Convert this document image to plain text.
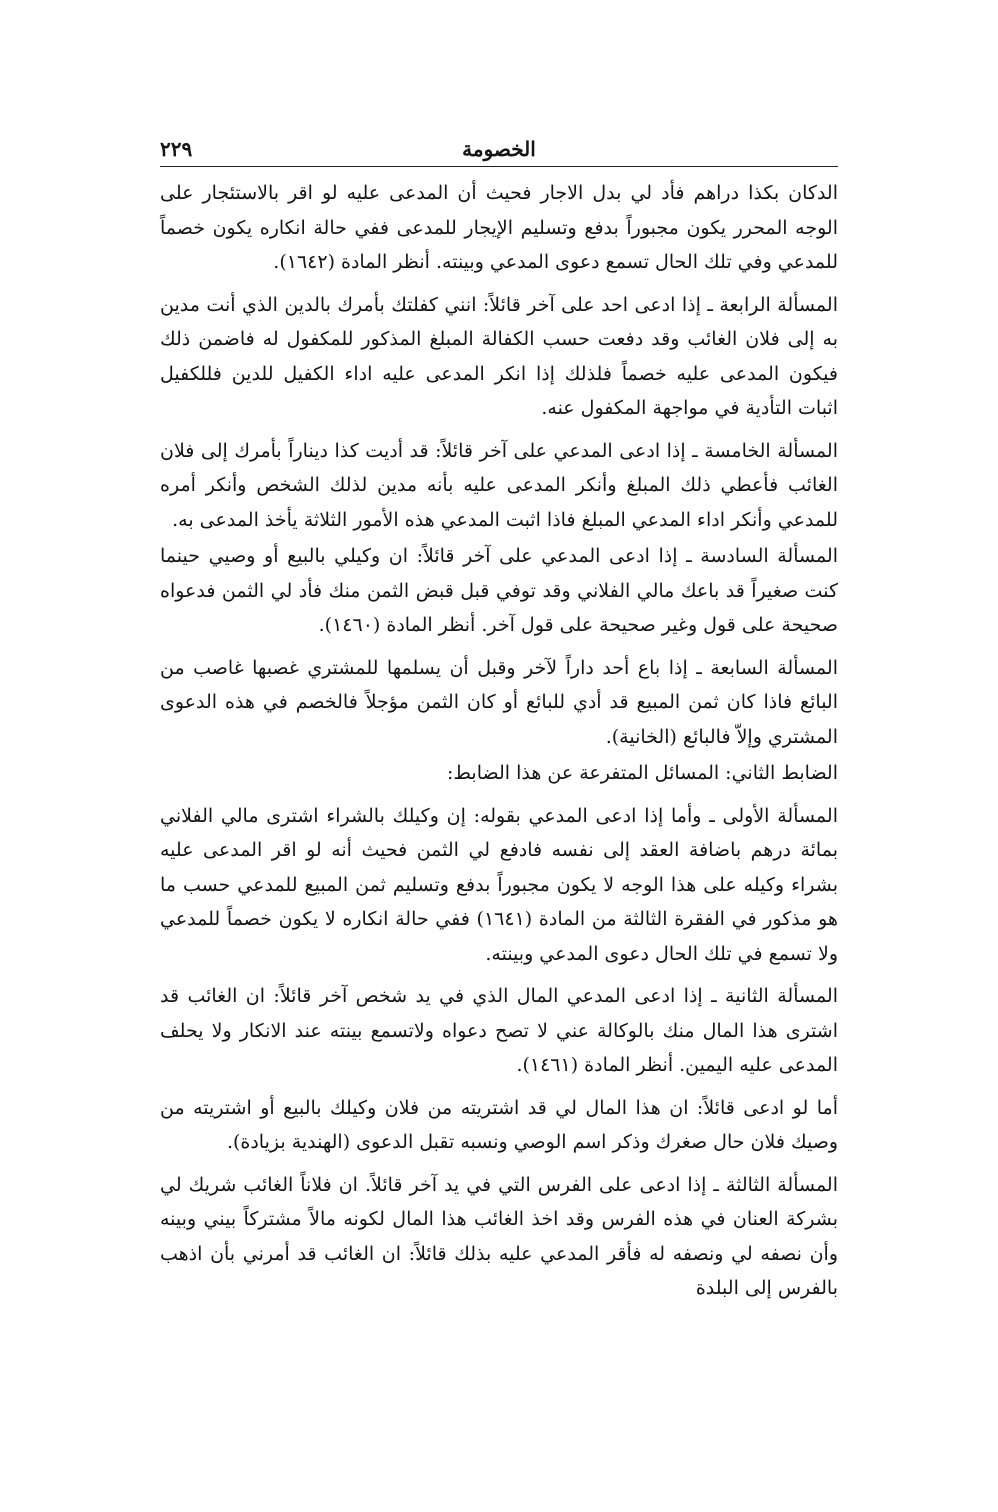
الخصومة
٢٢٩

الدكان بكذا دراهم فأد لي بدل الاجار فحيث أن المدعى عليه لو اقر بالاستئجار على الوجه المحرر يكون مجبوراً بدفع وتسليم الإيجار للمدعى ففي حالة انكاره يكون خصماً للمدعي وفي تلك الحال تسمع دعوى المدعي وبينته. أنظر المادة (١٦٤٢).

المسألة الرابعة ـ إذا ادعى احد على آخر قائلاً: انني كفلتك بأمرك بالدين الذي أنت مدين به إلى فلان الغائب وقد دفعت حسب الكفالة المبلغ المذكور للمكفول له فاضمن ذلك فيكون المدعى عليه خصماً فلذلك إذا انكر المدعى عليه اداء الكفيل للدين فللكفيل اثبات التأدية في مواجهة المكفول عنه.

المسألة الخامسة ـ إذا ادعى المدعي على آخر قائلاً: قد أديت كذا ديناراً بأمرك إلى فلان الغائب فأعطي ذلك المبلغ وأنكر المدعى عليه بأنه مدين لذلك الشخص وأنكر أمره للمدعي وأنكر اداء المدعي المبلغ فاذا اثبت المدعي هذه الأمور الثلاثة يأخذ المدعى به.

المسألة السادسة ـ إذا ادعى المدعي على آخر قائلاً: ان وكيلي بالبيع أو وصيي حينما كنت صغيراً قد باعك مالي الفلاني وقد توفي قبل قبض الثمن منك فأد لي الثمن فدعواه صحيحة على قول وغير صحيحة على قول آخر. أنظر المادة (١٤٦٠).

المسألة السابعة ـ إذا باع أحد داراً لآخر وقبل أن يسلمها للمشتري غصبها غاصب من البائع فاذا كان ثمن المبيع قد أدي للبائع أو كان الثمن مؤجلاً فالخصم في هذه الدعوى المشتري وإلاّ فالبائع (الخانية).

الضابط الثاني: المسائل المتفرعة عن هذا الضابط:

المسألة الأولى ـ وأما إذا ادعى المدعي بقوله: إن وكيلك بالشراء اشترى مالي الفلاني بمائة درهم باضافة العقد إلى نفسه فادفع لي الثمن فحيث أنه لو اقر المدعى عليه بشراء وكيله على هذا الوجه لا يكون مجبوراً بدفع وتسليم ثمن المبيع للمدعي حسب ما هو مذكور في الفقرة الثالثة من المادة (١٦٤١) ففي حالة انكاره لا يكون خصماً للمدعي ولا تسمع في تلك الحال دعوى المدعي وبينته.

المسألة الثانية ـ إذا ادعى المدعي المال الذي في يد شخص آخر قائلاً: ان الغائب قد اشترى هذا المال منك بالوكالة عني لا تصح دعواه ولاتسمع بينته عند الانكار ولا يحلف المدعى عليه اليمين. أنظر المادة (١٤٦١).

أما لو ادعى قائلاً: ان هذا المال لي قد اشتريته من فلان وكيلك بالبيع أو اشتريته من وصيك فلان حال صغرك وذكر اسم الوصي ونسبه تقبل الدعوى (الهندية بزيادة).

المسألة الثالثة ـ إذا ادعى على الفرس التي في يد آخر قائلاً. ان فلاناً الغائب شريك لي بشركة العنان في هذه الفرس وقد اخذ الغائب هذا المال لكونه مالاً مشتركاً بيني وبينه وأن نصفه لي ونصفه له فأقر المدعي عليه بذلك قائلاً: ان الغائب قد أمرني بأن اذهب بالفرس إلى البلدة
